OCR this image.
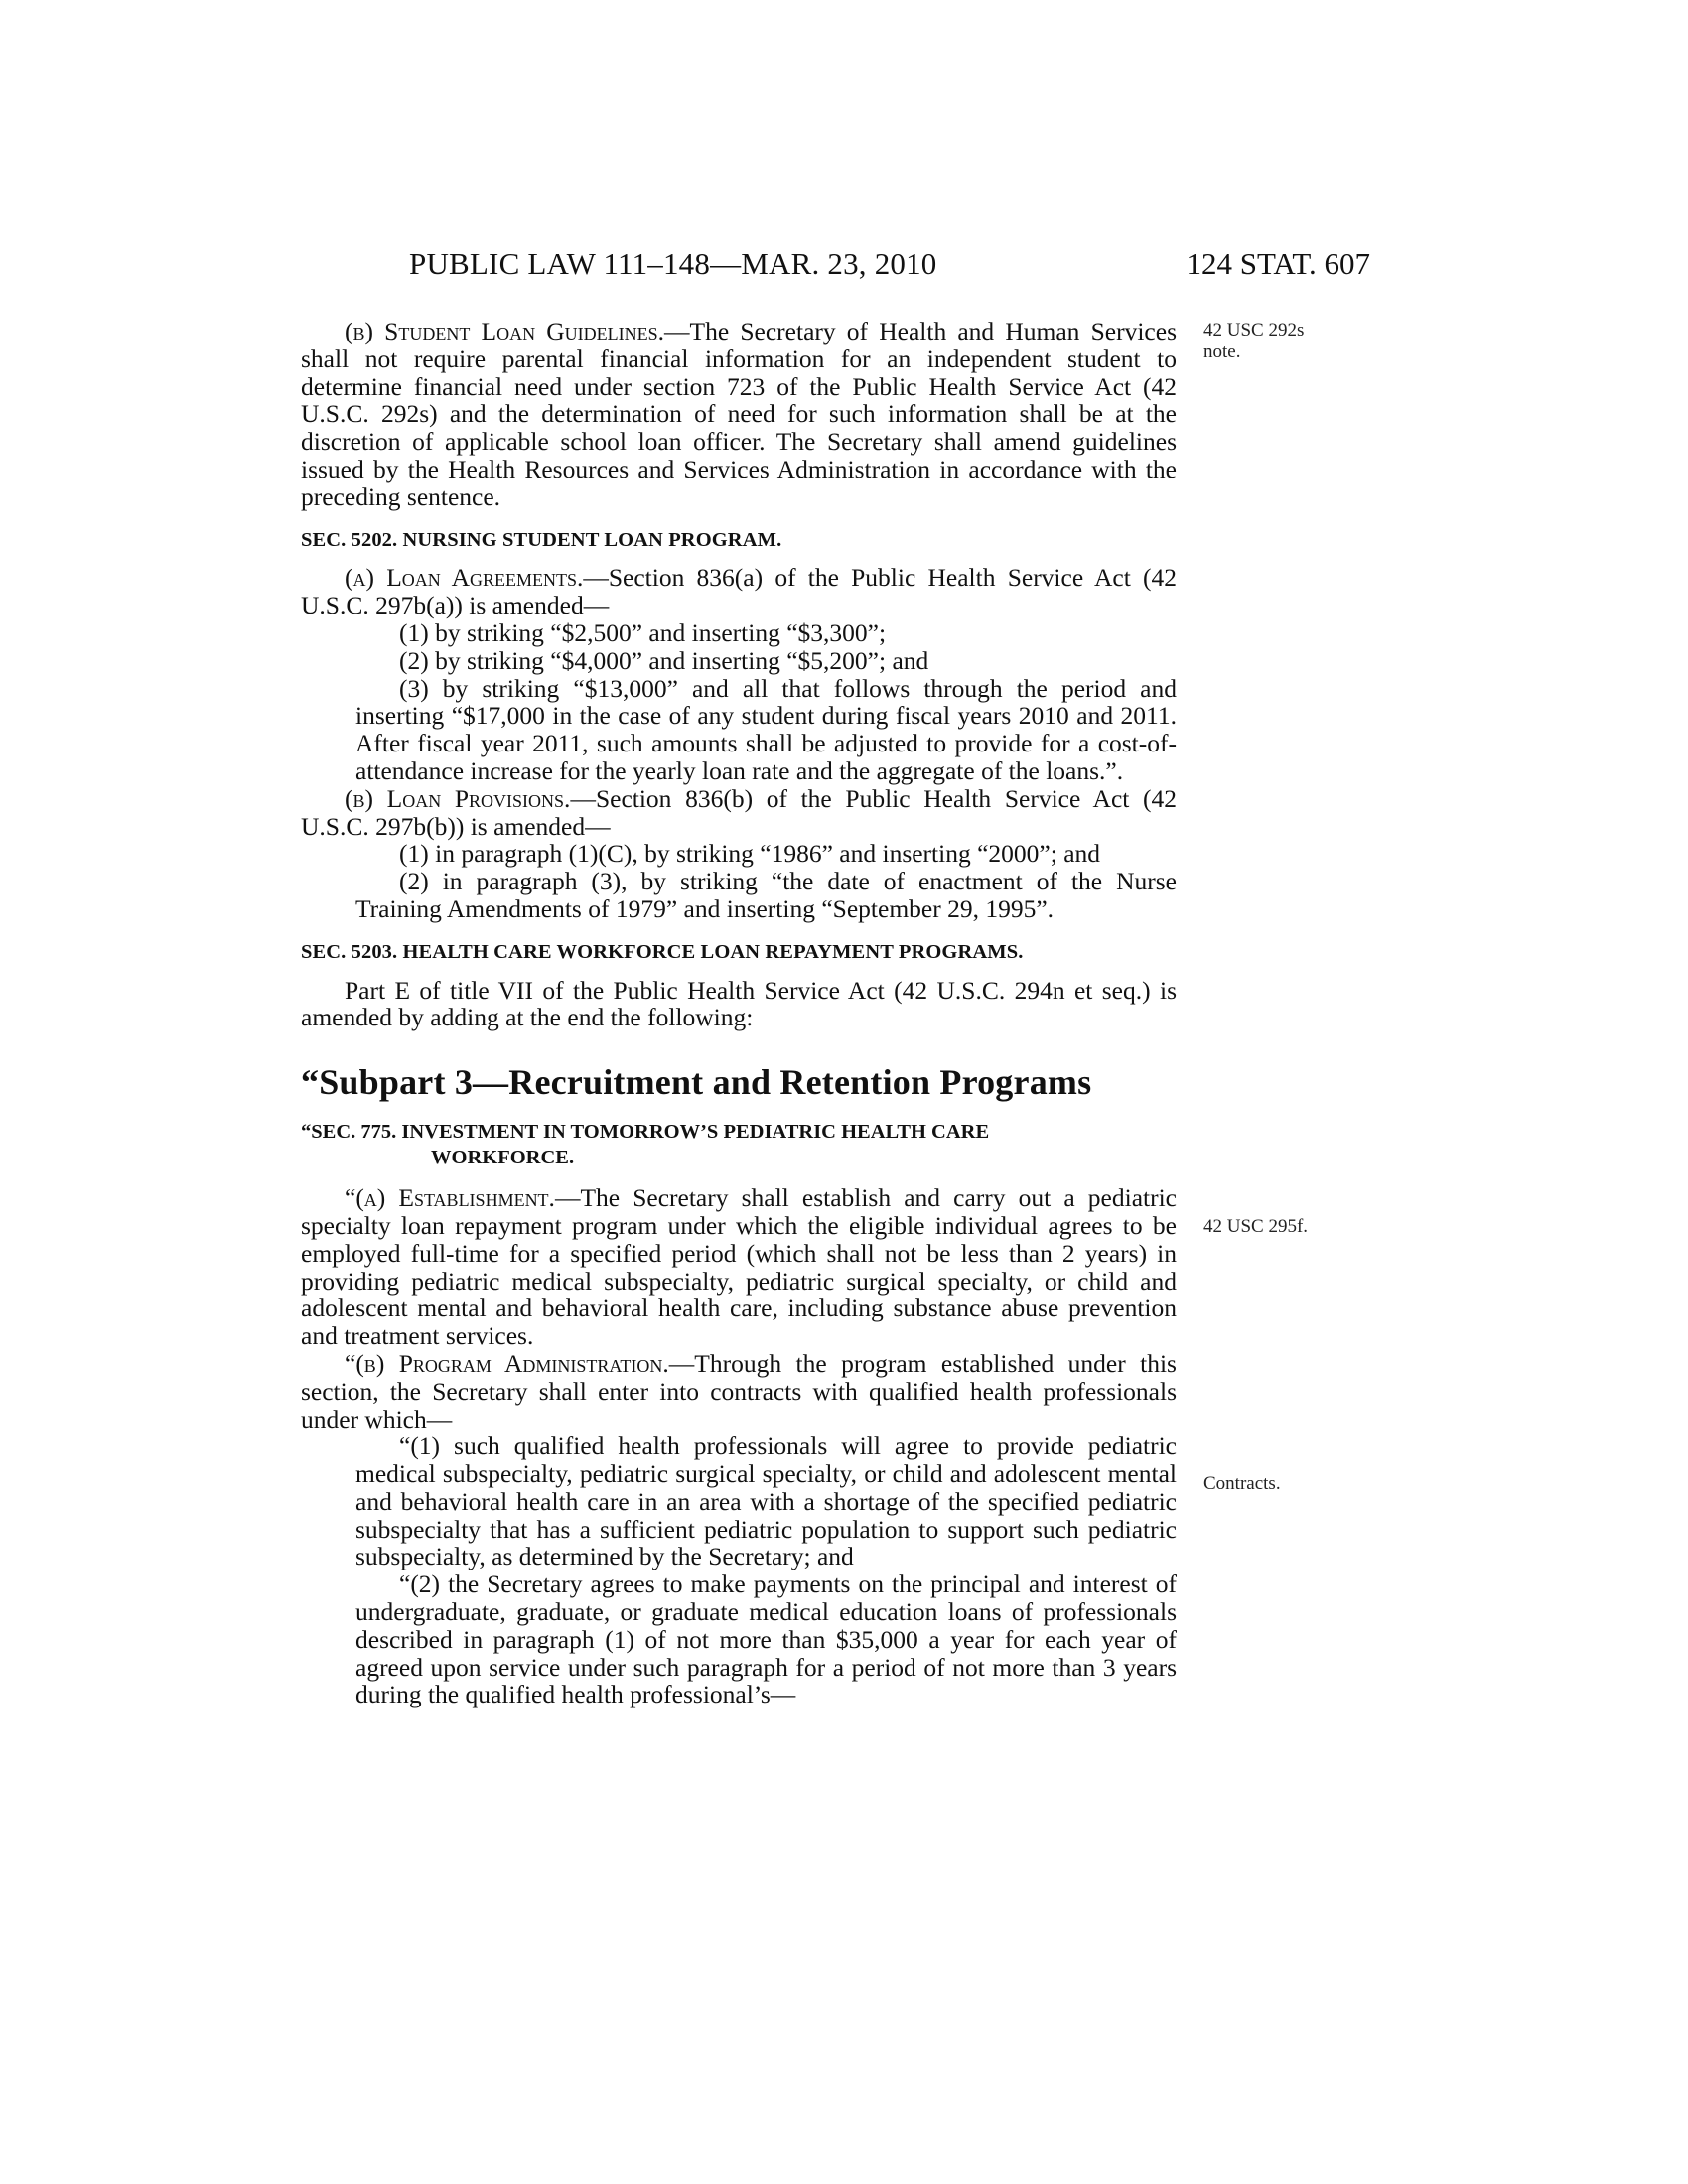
PUBLIC LAW 111–148—MAR. 23, 2010	124 STAT. 607
42 USC 292s
note.
42 USC 295f.
Contracts.

(b) Student Loan Guidelines.—The Secretary of Health and Human Services shall not require parental financial information for an independent student to determine financial need under section 723 of the Public Health Service Act (42 U.S.C. 292s) and the determination of need for such information shall be at the discretion of applicable school loan officer. The Secretary shall amend guidelines issued by the Health Resources and Services Administration in accordance with the preceding sentence.

SEC. 5202. NURSING STUDENT LOAN PROGRAM.

(a) Loan Agreements.—Section 836(a) of the Public Health Service Act (42 U.S.C. 297b(a)) is amended—

(1) by striking “$2,500” and inserting “$3,300”;

(2) by striking “$4,000” and inserting “$5,200”; and

(3) by striking “$13,000” and all that follows through the period and inserting “$17,000 in the case of any student during fiscal years 2010 and 2011. After fiscal year 2011, such amounts shall be adjusted to provide for a cost-of-attendance increase for the yearly loan rate and the aggregate of the loans.”.

(b) Loan Provisions.—Section 836(b) of the Public Health Service Act (42 U.S.C. 297b(b)) is amended—

(1) in paragraph (1)(C), by striking “1986” and inserting “2000”; and

(2) in paragraph (3), by striking “the date of enactment of the Nurse Training Amendments of 1979” and inserting “September 29, 1995”.

SEC. 5203. HEALTH CARE WORKFORCE LOAN REPAYMENT PROGRAMS.

Part E of title VII of the Public Health Service Act (42 U.S.C. 294n et seq.) is amended by adding at the end the following:

“Subpart 3—Recruitment and Retention Programs

“SEC. 775. INVESTMENT IN TOMORROW’S PEDIATRIC HEALTH CARE
WORKFORCE.

“(a) Establishment.—The Secretary shall establish and carry out a pediatric specialty loan repayment program under which the eligible individual agrees to be employed full-time for a specified period (which shall not be less than 2 years) in providing pediatric medical subspecialty, pediatric surgical specialty, or child and adolescent mental and behavioral health care, including substance abuse prevention and treatment services.

“(b) Program Administration.—Through the program established under this section, the Secretary shall enter into contracts with qualified health professionals under which—

“(1) such qualified health professionals will agree to provide pediatric medical subspecialty, pediatric surgical specialty, or child and adolescent mental and behavioral health care in an area with a shortage of the specified pediatric subspecialty that has a sufficient pediatric population to support such pediatric subspecialty, as determined by the Secretary; and

“(2) the Secretary agrees to make payments on the principal and interest of undergraduate, graduate, or graduate medical education loans of professionals described in paragraph (1) of not more than $35,000 a year for each year of agreed upon service under such paragraph for a period of not more than 3 years during the qualified health professional’s—
